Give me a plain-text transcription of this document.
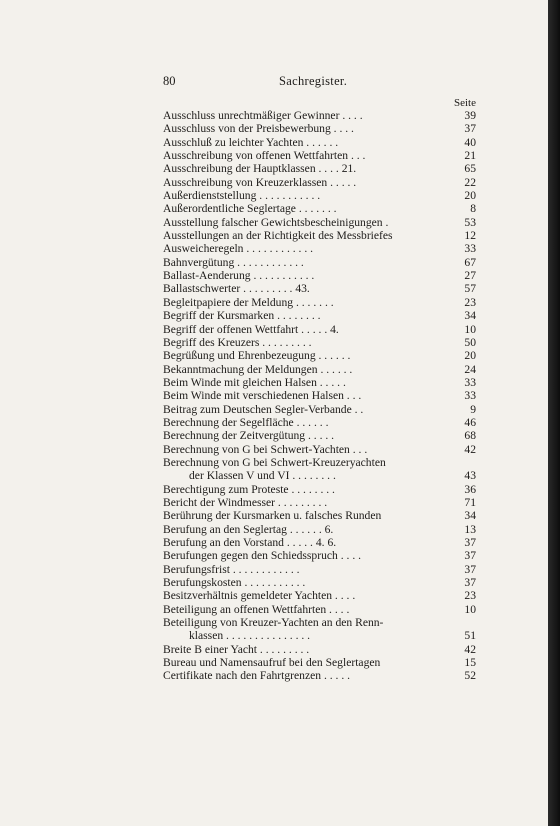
80	Sachregister.
Seite
Ausschluss unrechtmäßiger Gewinner . . . .	39
Ausschluss von der Preisbewerbung . . . .	37
Ausschluß zu leichter Yachten . . . . . .	40
Ausschreibung von offenen Wettfahrten . . .	21
Ausschreibung der Hauptklassen . . . . 21.	65
Ausschreibung von Kreuzerklassen . . . . .	22
Außerdienststellung . . . . . . . . . . .	20
Außerordentliche Seglertage . . . . . . .	8
Ausstellung falscher Gewichtsbescheinigungen .	53
Ausstellungen an der Richtigkeit des Messbriefes	12
Ausweicheregeln . . . . . . . . . . . .	33
Bahnvergütung . . . . . . . . . . . .	67
Ballast-Aenderung . . . . . . . . . . .	27
Ballastschwerter . . . . . . . . . 43.	57
Begleitpapiere der Meldung . . . . . . .	23
Begriff der Kursmarken . . . . . . . .	34
Begriff der offenen Wettfahrt . . . . . 4.	10
Begriff des Kreuzers . . . . . . . . .	50
Begrüßung und Ehrenbezeugung . . . . . .	20
Bekanntmachung der Meldungen . . . . . .	24
Beim Winde mit gleichen Halsen . . . . .	33
Beim Winde mit verschiedenen Halsen . . .	33
Beitrag zum Deutschen Segler-Verbande . .	9
Berechnung der Segelfläche . . . . . .	46
Berechnung der Zeitvergütung . . . . .	68
Berechnung von G bei Schwert-Yachten . . .	42
Berechnung von G bei Schwert-Kreuzeryachten
der Klassen V und VI . . . . . . . .	43
Berechtigung zum Proteste . . . . . . . .	36
Bericht der Windmesser . . . . . . . . .	71
Berührung der Kursmarken u. falsches Runden	34
Berufung an den Seglertag . . . . . . 6.	13
Berufung an den Vorstand . . . . . 4. 6.	37
Berufungen gegen den Schiedsspruch . . . .	37
Berufungsfrist . . . . . . . . . . . .	37
Berufungskosten . . . . . . . . . . .	37
Besitzverhältnis gemeldeter Yachten . . . .	23
Beteiligung an offenen Wettfahrten . . . .	10
Beteiligung von Kreuzer-Yachten an den Renn-
klassen . . . . . . . . . . . . . . .	51
Breite B einer Yacht . . . . . . . . .	42
Bureau und Namensaufruf bei den Seglertagen	15
Certifikate nach den Fahrtgrenzen . . . . .	52
